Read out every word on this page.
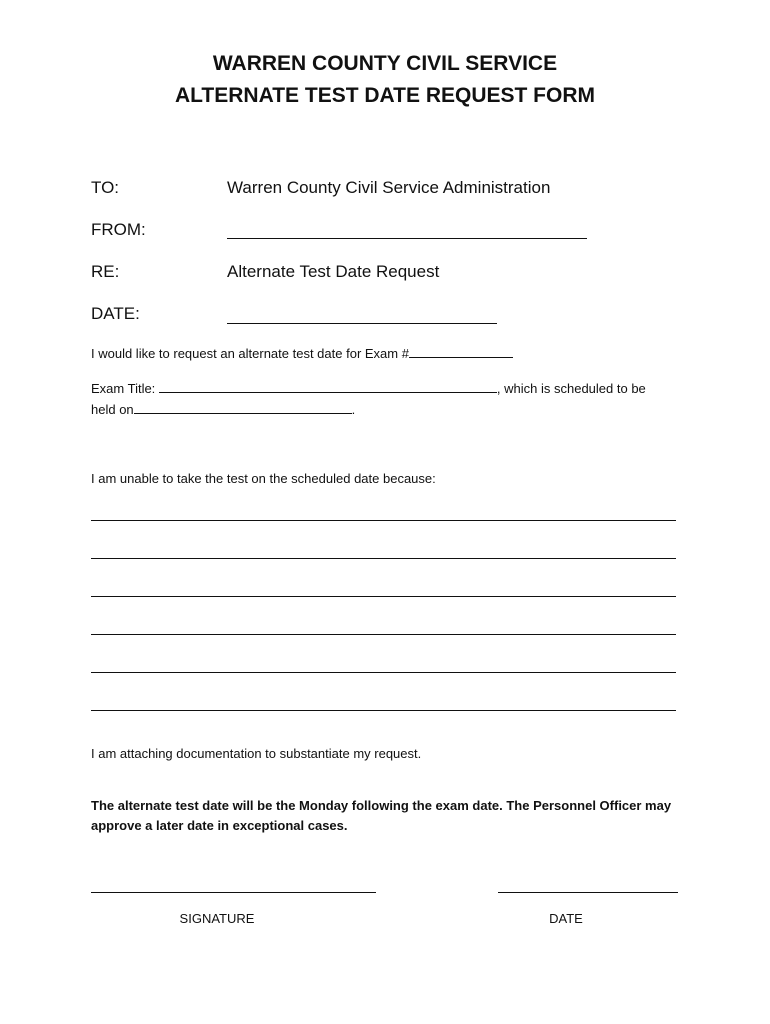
WARREN COUNTY CIVIL SERVICE
ALTERNATE TEST DATE REQUEST FORM
TO:	Warren County Civil Service Administration
FROM:
RE:	Alternate Test Date Request
DATE:
I would like to request an alternate test date for Exam #
Exam Title:	, which is scheduled to be
held on	.
I am unable to take the test on the scheduled date because:
I am attaching documentation to substantiate my request.
The alternate test date will be the Monday following the exam date. The Personnel Officer may approve a later date in exceptional cases.
SIGNATURE	DATE
